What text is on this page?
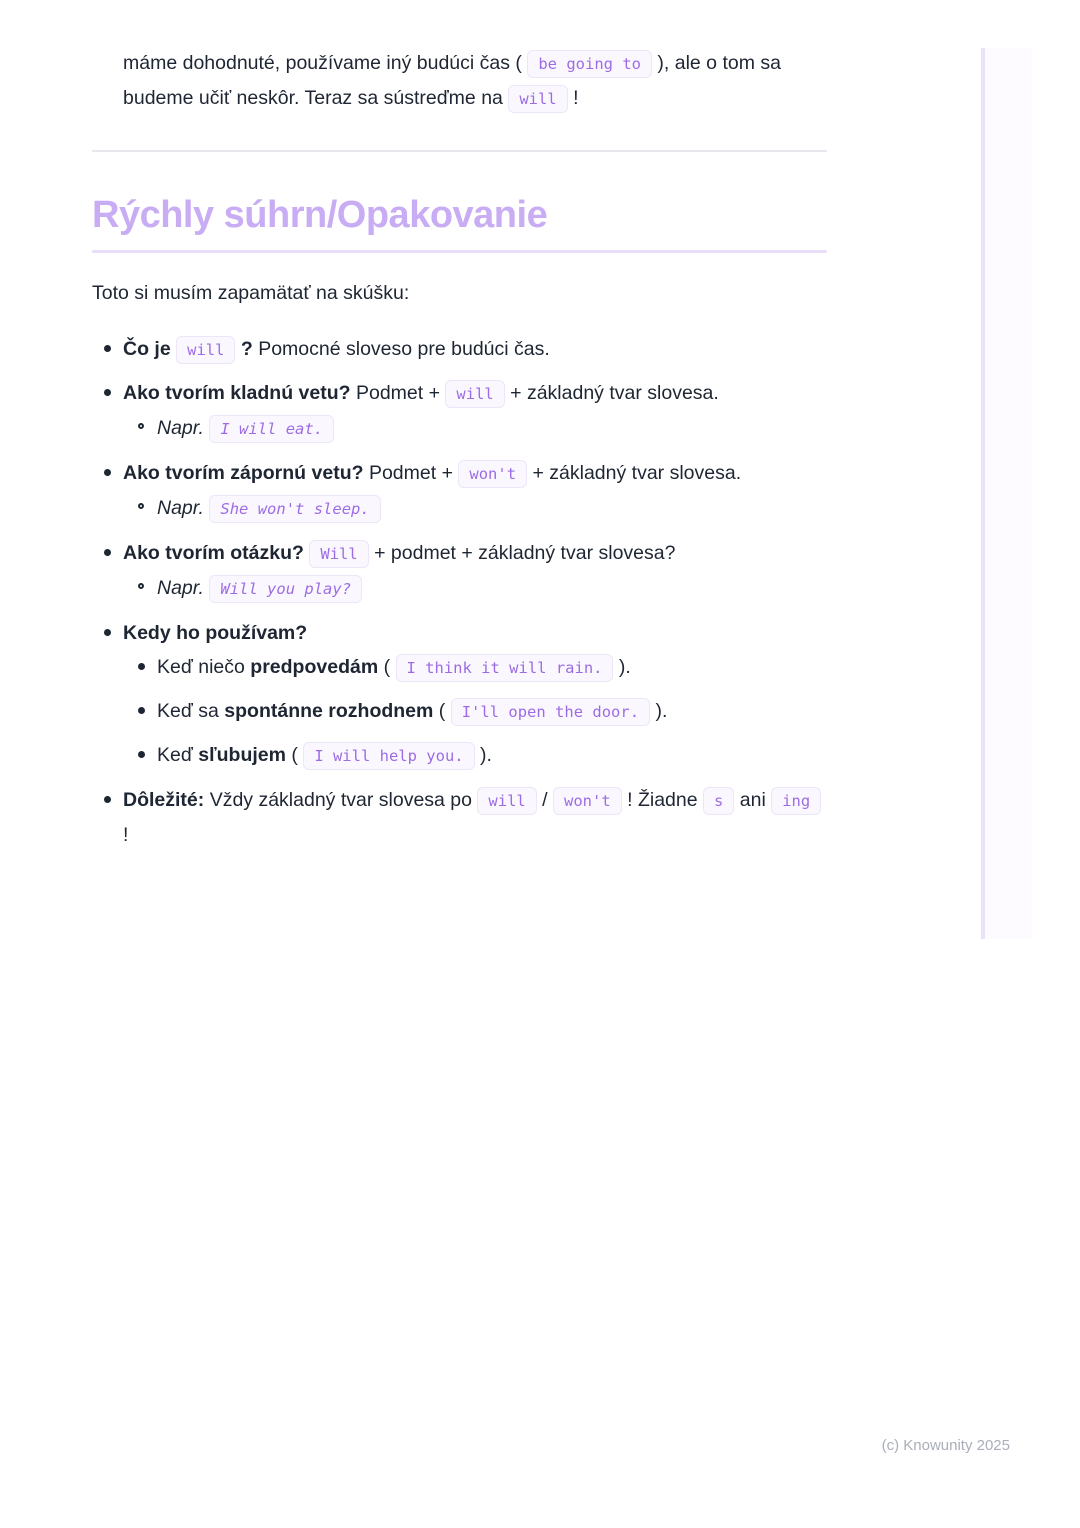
máme dohodnuté, používame iný budúci čas ( be going to ), ale o tom sa budeme učiť neskôr. Teraz sa sústreďme na will !

Rýchly súhrn/Opakovanie

Toto si musím zapamätať na skúšku:

Čo je will ? Pomocné sloveso pre budúci čas.
Ako tvorím kladnú vetu? Podmet + will + základný tvar slovesa.
Napr. I will eat.
Ako tvorím zápornú vetu? Podmet + won't + základný tvar slovesa.
Napr. She won't sleep.
Ako tvorím otázku? Will + podmet + základný tvar slovesa?
Napr. Will you play?
Kedy ho používam?
Keď niečo predpovedám ( I think it will rain. ).
Keď sa spontánne rozhodnem ( I'll open the door. ).
Keď sľubujem ( I will help you. ).
Dôležité: Vždy základný tvar slovesa po will / won't ! Žiadne s ani ing !
(c) Knowunity 2025
